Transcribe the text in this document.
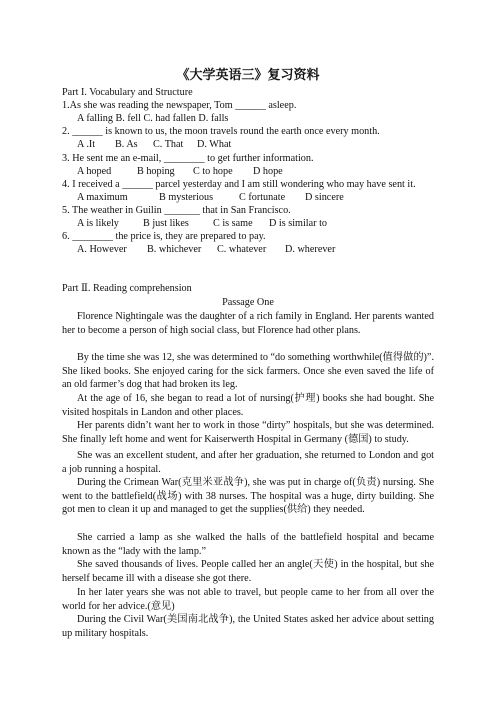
《大学英语三》复习资料
Part I. Vocabulary and Structure
1.As she was reading the newspaper, Tom ______ asleep.
A falling B. fell C. had fallen D. falls
2. ______ is known to us, the moon travels round the earth once every month.
A .It B. As C. That D. What
3. He sent me an e-mail, ________ to get further information.
A hoped	B hoping C to hope D hope
4. I received a ______ parcel yesterday and I am still wondering who may have sent it.
A maximum	B mysterious	C fortunate D sincere
5. The weather in Guilin _______ that in San Francisco.
A is likely B just likes C is same D is similar to
6. ________ the price is, they are prepared to pay.
A. However B. whichever C. whatever D. wherever
Part Ⅱ. Reading comprehension
Passage One

Florence Nightingale was the daughter of a rich family in England. Her parents wanted her to become a person of high social class, but Florence had other plans.

By the time she was 12, she was determined to “do something worthwhile(值得做的)”. She liked books. She enjoyed caring for the sick farmers. Once she even saved the life of an old farmer’s dog that had broken its leg.

At the age of 16, she began to read a lot of nursing(护理) books she had bought. She visited hospitals in Landon and other places.

Her parents didn’t want her to work in those “dirty” hospitals, but she was determined. She finally left home and went for Kaiserwerth Hospital in Germany (德国) to study.

She was an excellent student, and after her graduation, she returned to London and got a job running a hospital.

During the Crimean War(克里米亚战争), she was put in charge of(负责) nursing. She went to the battlefield(战场) with 38 nurses. The hospital was a huge, dirty building. She got men to clean it up and managed to get the supplies(供给) they needed.

She carried a lamp as she walked the halls of the battlefield hospital and became known as the “lady with the lamp.”

She saved thousands of lives. People called her an angle(天使) in the hospital, but she herself became ill with a disease she got there.

In her later years she was not able to travel, but people came to her from all over the world for her advice.(意见)

During the Civil War(美国南北战争), the United States asked her advice about setting up military hospitals.
